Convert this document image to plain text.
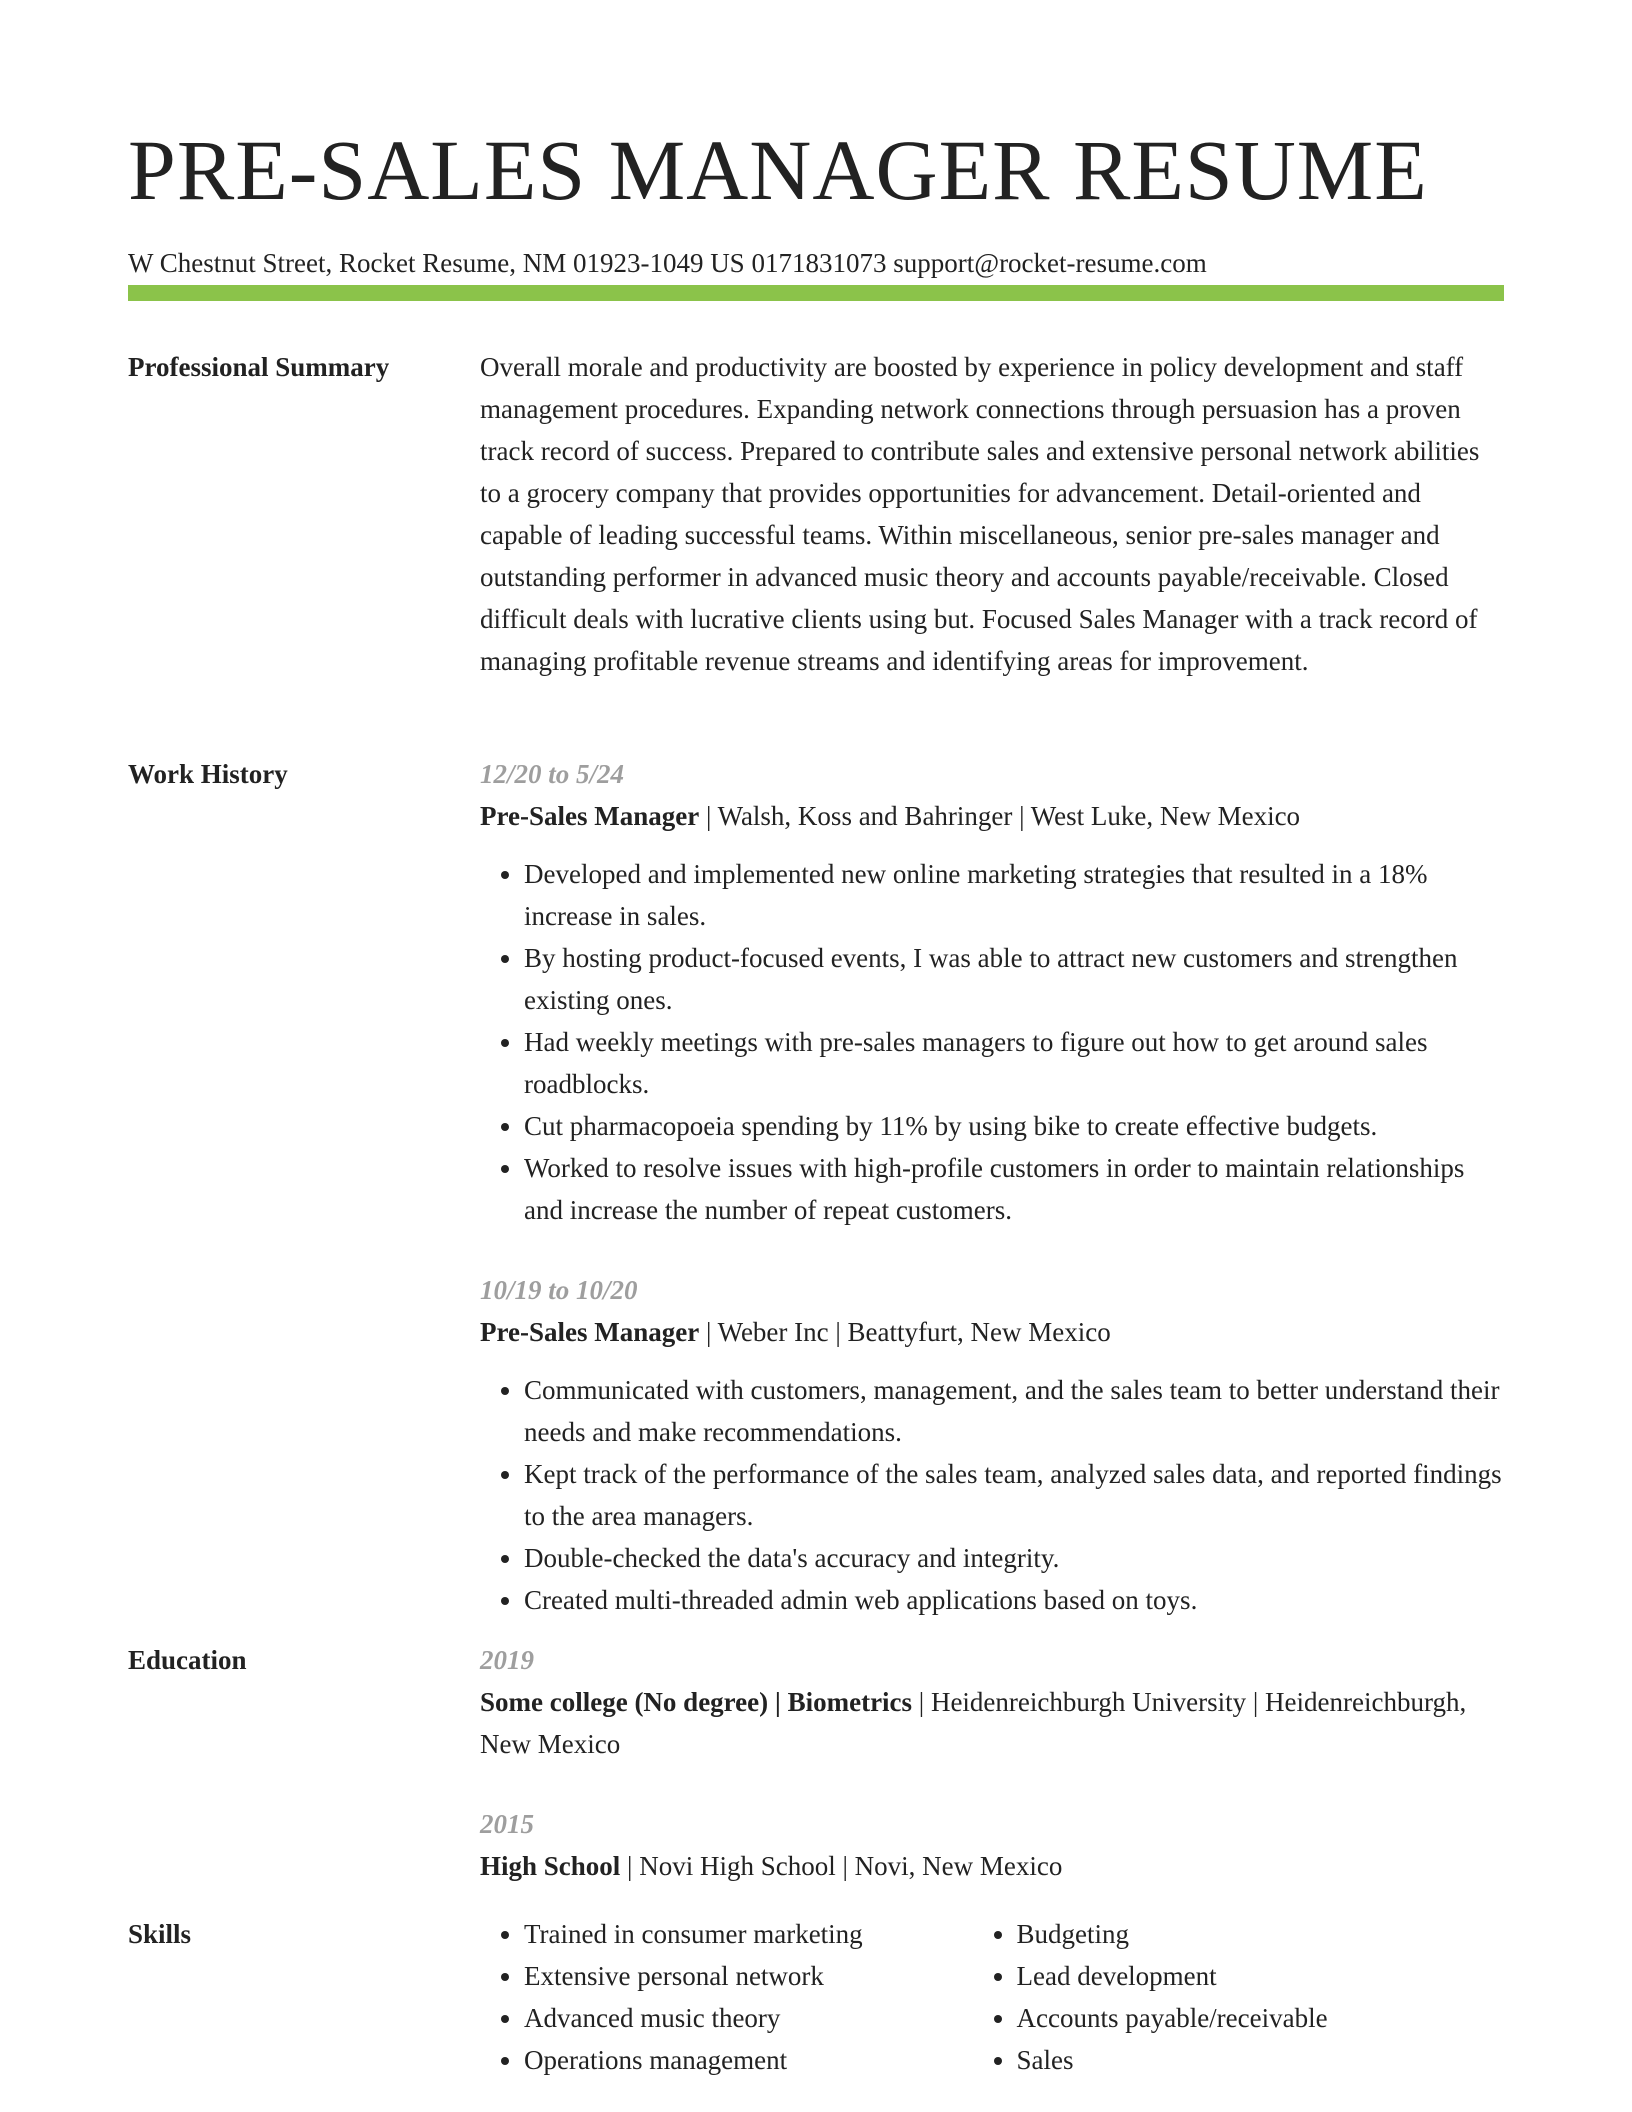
PRE-SALES MANAGER RESUME
W Chestnut Street, Rocket Resume, NM 01923-1049 US 0171831073 support@rocket-resume.com
Professional Summary	Overall morale and productivity are boosted by experience in policy development and staff management procedures. Expanding network connections through persuasion has a proven track record of success. Prepared to contribute sales and extensive personal network abilities to a grocery company that provides opportunities for advancement. Detail-oriented and capable of leading successful teams. Within miscellaneous, senior pre-sales manager and outstanding performer in advanced music theory and accounts payable/receivable. Closed difficult deals with lucrative clients using but. Focused Sales Manager with a track record of managing profitable revenue streams and identifying areas for improvement.

Work History	12/20 to 5/24
Pre-Sales Manager | Walsh, Koss and Bahringer | West Luke, New Mexico
• Developed and implemented new online marketing strategies that resulted in a 18% increase in sales.
• By hosting product-focused events, I was able to attract new customers and strengthen existing ones.
• Had weekly meetings with pre-sales managers to figure out how to get around sales roadblocks.
• Cut pharmacopoeia spending by 11% by using bike to create effective budgets.
• Worked to resolve issues with high-profile customers in order to maintain relationships and increase the number of repeat customers.
10/19 to 10/20
Pre-Sales Manager | Weber Inc | Beattyfurt, New Mexico
• Communicated with customers, management, and the sales team to better understand their needs and make recommendations.
• Kept track of the performance of the sales team, analyzed sales data, and reported findings to the area managers.
• Double-checked the data's accuracy and integrity.
• Created multi-threaded admin web applications based on toys.
Education	2019
Some college (No degree) | Biometrics | Heidenreichburgh University | Heidenreichburgh, New Mexico
2015
High School | Novi High School | Novi, New Mexico
Skills
•	Trained in consumer marketing
• Extensive personal network
• Advanced music theory
• Operations management
• Budgeting
• Lead development
• Accounts payable/receivable
• Sales
